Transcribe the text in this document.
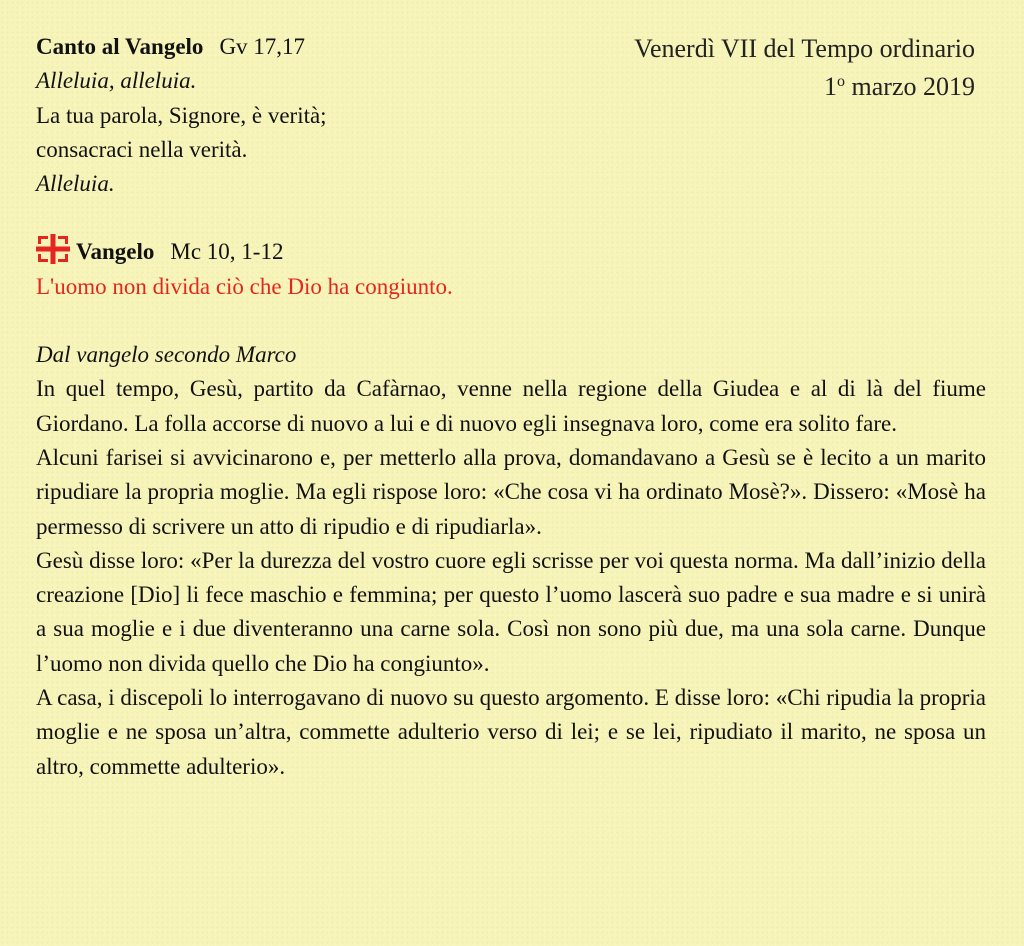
Venerdì VII del Tempo ordinario
1$^o$ marzo 2019
Canto al Vangelo Gv 17,17
Alleluia, alleluia.
La tua parola, Signore, è verità;
consacraci nella verità.
Alleluia.
Vangelo Mc 10, 1-12
L'uomo non divida ciò che Dio ha congiunto.
Dal vangelo secondo Marco

In quel tempo, Gesù, partito da Cafàrnao, venne nella regione della Giudea e al di là del fiume Giordano. La folla accorse di nuovo a lui e di nuovo egli insegnava loro, come era solito fare.

Alcuni farisei si avvicinarono e, per metterlo alla prova, domandavano a Gesù se è lecito a un marito ripudiare la propria moglie. Ma egli rispose loro: «Che cosa vi ha ordinato Mosè?». Dissero: «Mosè ha permesso di scrivere un atto di ripudio e di ripudiarla».

Gesù disse loro: «Per la durezza del vostro cuore egli scrisse per voi questa norma. Ma dall’inizio della creazione [Dio] li fece maschio e femmina; per questo l’uomo lascerà suo padre e sua madre e si unirà a sua moglie e i due diventeranno una carne sola. Così non sono più due, ma una sola carne. Dunque l’uomo non divida quello che Dio ha congiunto».

A casa, i discepoli lo interrogavano di nuovo su questo argomento. E disse loro: «Chi ripudia la propria moglie e ne sposa un’altra, commette adulterio verso di lei; e se lei, ripudiato il marito, ne sposa un altro, commette adulterio».
